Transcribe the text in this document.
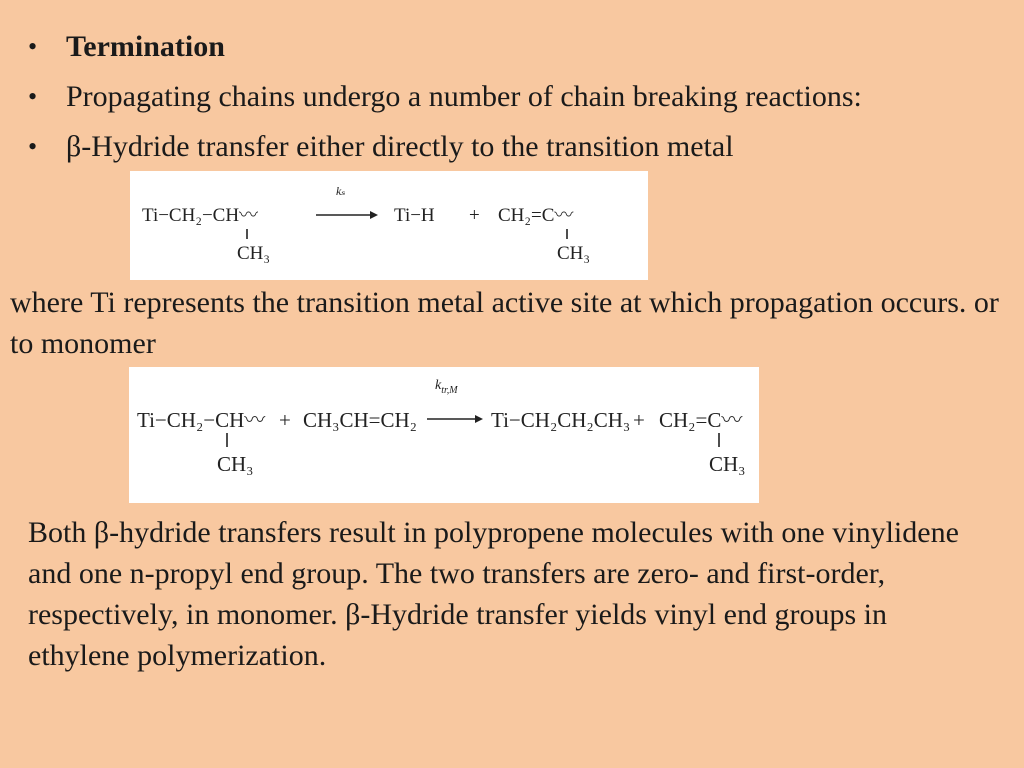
• Termination
• Propagating chains undergo a number of chain breaking reactions:
• β-Hydride transfer either directly to the transition metal
Ti−CH₂−CH〰
CH₃
kₛ
Ti−H + CH₂=C〰
CH₃

where Ti represents the transition metal active site at which propagation occurs. or to monomer

Ti−CH₂−CH〰
CH₃
+ CH₃CH=CH₂
$k_{tr,M}$
Ti−CH₂CH₂CH₃ + CH₂=C〰
CH₃

Both β-hydride transfers result in polypropene molecules with one vinylidene and one n-propyl end group. The two transfers are zero- and first-order, respectively, in monomer. β-Hydride transfer yields vinyl end groups in ethylene polymerization.
